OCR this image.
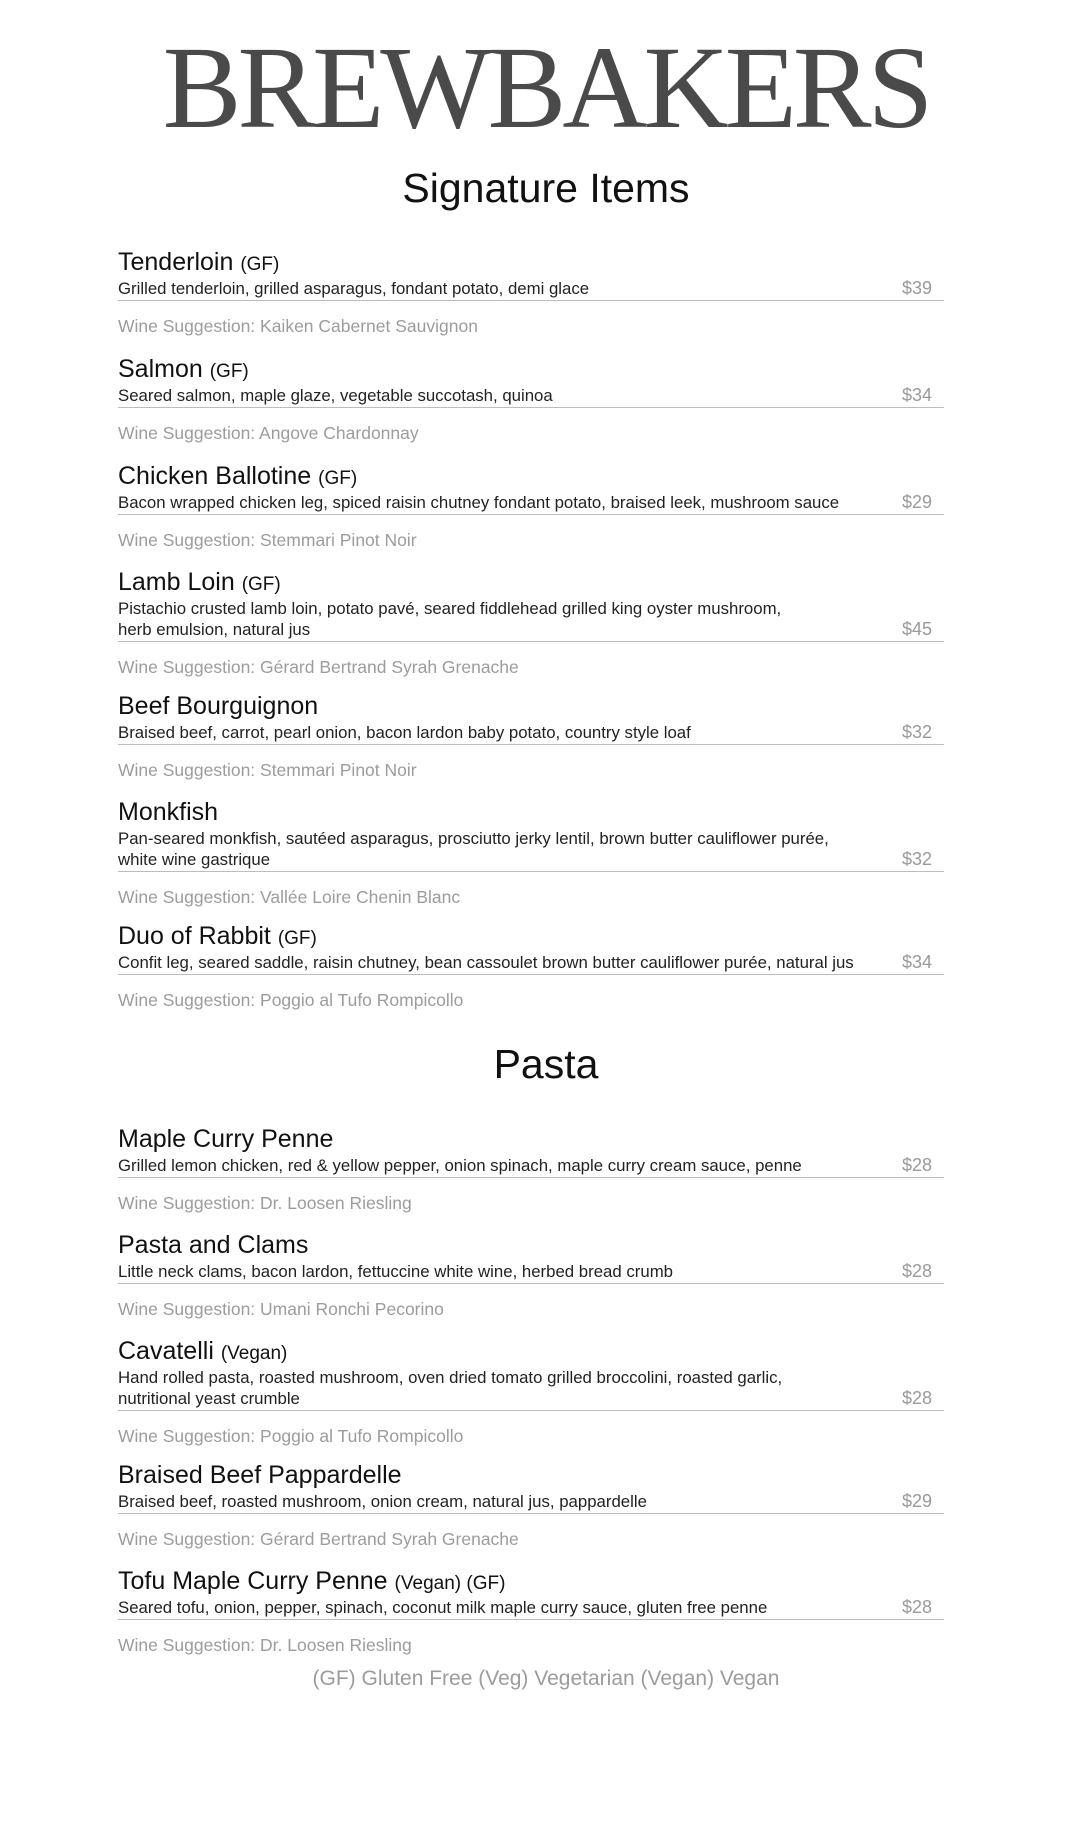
BREWBAKERS
Signature Items
Tenderloin (GF)
Grilled tenderloin, grilled asparagus, fondant potato, demi glace	$39
Wine Suggestion: Kaiken Cabernet Sauvignon
Salmon (GF)
Seared salmon, maple glaze, vegetable succotash, quinoa	$34
Wine Suggestion: Angove Chardonnay
Chicken Ballotine (GF)
Bacon wrapped chicken leg, spiced raisin chutney fondant potato, braised leek, mushroom sauce	$29
Wine Suggestion: Stemmari Pinot Noir
Lamb Loin (GF)
Pistachio crusted lamb loin, potato pavé, seared fiddlehead grilled king oyster mushroom,
herb emulsion, natural jus	$45
Wine Suggestion: Gérard Bertrand Syrah Grenache
Beef Bourguignon
Braised beef, carrot, pearl onion, bacon lardon baby potato, country style loaf	$32
Wine Suggestion: Stemmari Pinot Noir
Monkfish
Pan-seared monkfish, sautéed asparagus, prosciutto jerky lentil, brown butter cauliflower purée,
white wine gastrique	$32
Wine Suggestion: Vallée Loire Chenin Blanc
Duo of Rabbit (GF)
Confit leg, seared saddle, raisin chutney, bean cassoulet brown butter cauliflower purée, natural jus	$34
Wine Suggestion: Poggio al Tufo Rompicollo
Pasta
Maple Curry Penne
Grilled lemon chicken, red & yellow pepper, onion spinach, maple curry cream sauce, penne	$28
Wine Suggestion: Dr. Loosen Riesling
Pasta and Clams
Little neck clams, bacon lardon, fettuccine white wine, herbed bread crumb	$28
Wine Suggestion: Umani Ronchi Pecorino
Cavatelli (Vegan)
Hand rolled pasta, roasted mushroom, oven dried tomato grilled broccolini, roasted garlic,
nutritional yeast crumble	$28
Wine Suggestion: Poggio al Tufo Rompicollo
Braised Beef Pappardelle
Braised beef, roasted mushroom, onion cream, natural jus, pappardelle	$29
Wine Suggestion: Gérard Bertrand Syrah Grenache
Tofu Maple Curry Penne (Vegan) (GF)
Seared tofu, onion, pepper, spinach, coconut milk maple curry sauce, gluten free penne	$28
Wine Suggestion: Dr. Loosen Riesling
(GF) Gluten Free (Veg) Vegetarian (Vegan) Vegan
